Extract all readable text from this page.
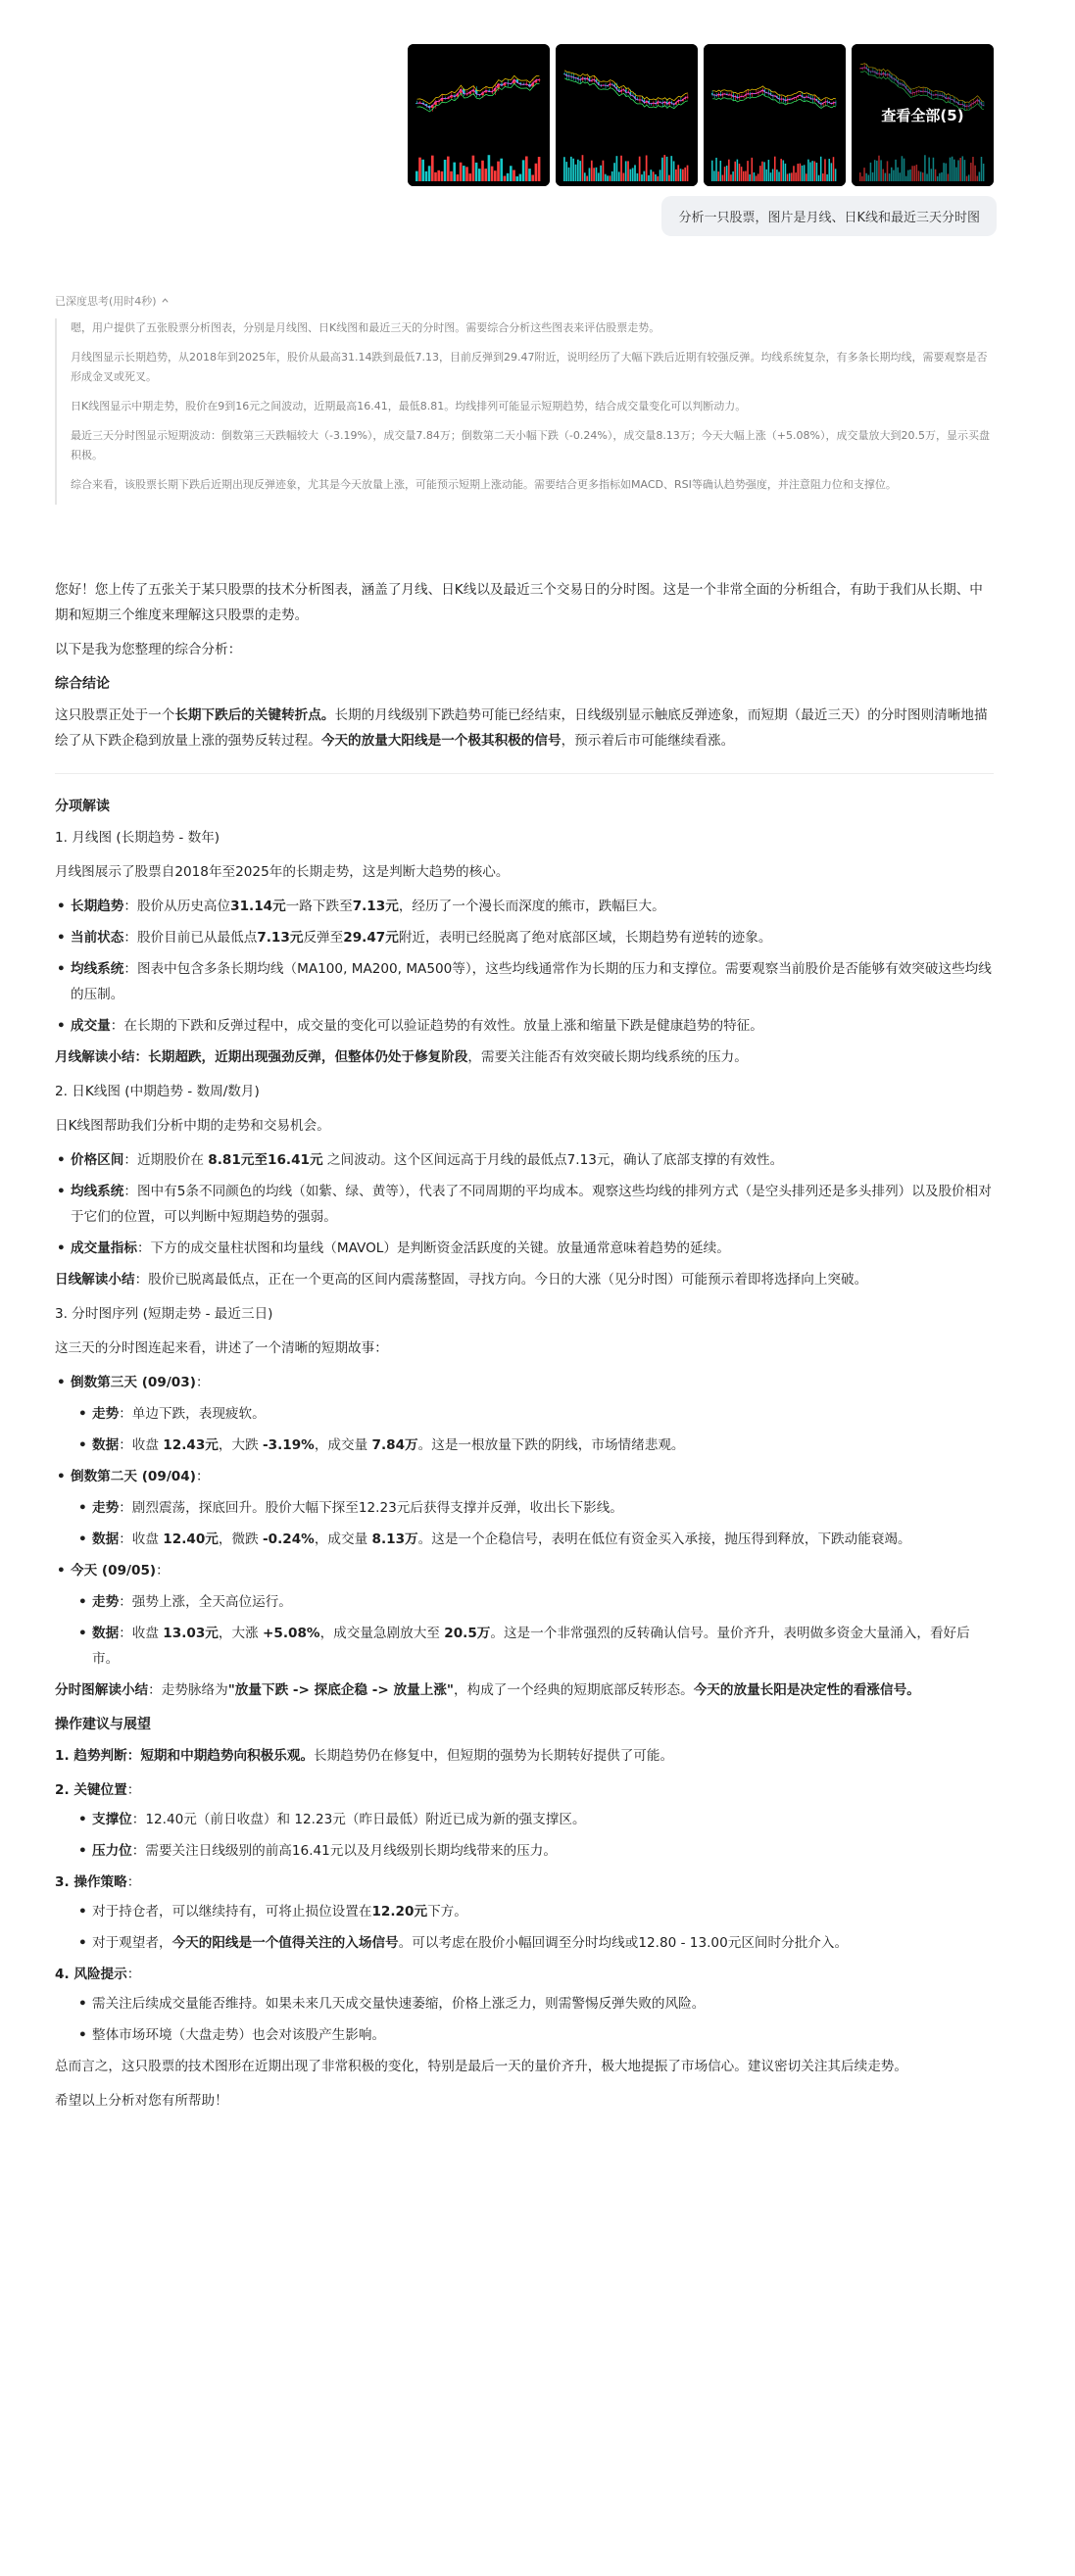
查看全部(5)
分析一只股票，图片是月线、日K线和最近三天分时图
已深度思考(用时4秒)

嗯，用户提供了五张股票分析图表，分别是月线图、日K线图和最近三天的分时图。需要综合分析这些图表来评估股票走势。

月线图显示长期趋势，从2018年到2025年，股价从最高31.14跌到最低7.13，目前反弹到29.47附近，说明经历了大幅下跌后近期有较强反弹。均线系统复杂，有多条长期均线，需要观察是否形成金叉或死叉。

日K线图显示中期走势，股价在9到16元之间波动，近期最高16.41，最低8.81。均线排列可能显示短期趋势，结合成交量变化可以判断动力。

最近三天分时图显示短期波动：倒数第三天跌幅较大（-3.19%），成交量7.84万；倒数第二天小幅下跌（-0.24%），成交量8.13万；今天大幅上涨（+5.08%），成交量放大到20.5万，显示买盘积极。

综合来看，该股票长期下跌后近期出现反弹迹象，尤其是今天放量上涨，可能预示短期上涨动能。需要结合更多指标如MACD、RSI等确认趋势强度，并注意阻力位和支撑位。

您好！您上传了五张关于某只股票的技术分析图表，涵盖了月线、日K线以及最近三个交易日的分时图。这是一个非常全面的分析组合，有助于我们从长期、中期和短期三个维度来理解这只股票的走势。

以下是我为您整理的综合分析：

综合结论

这只股票正处于一个长期下跌后的关键转折点。长期的月线级别下跌趋势可能已经结束，日线级别显示触底反弹迹象，而短期（最近三天）的分时图则清晰地描绘了从下跌企稳到放量上涨的强势反转过程。今天的放量大阳线是一个极其积极的信号，预示着后市可能继续看涨。

分项解读

1. 月线图 (长期趋势 - 数年)

月线图展示了股票自2018年至2025年的长期走势，这是判断大趋势的核心。

• 长期趋势：股价从历史高位31.14元一路下跌至7.13元，经历了一个漫长而深度的熊市，跌幅巨大。
• 当前状态：股价目前已从最低点7.13元反弹至29.47元附近，表明已经脱离了绝对底部区域，长期趋势有逆转的迹象。
• 均线系统：图表中包含多条长期均线（MA100, MA200, MA500等），这些均线通常作为长期的压力和支撑位。需要观察当前股价是否能够有效突破这些均线的压制。
• 成交量：在长期的下跌和反弹过程中，成交量的变化可以验证趋势的有效性。放量上涨和缩量下跌是健康趋势的特征。

月线解读小结：长期超跌，近期出现强劲反弹，但整体仍处于修复阶段，需要关注能否有效突破长期均线系统的压力。

2. 日K线图 (中期趋势 - 数周/数月)

日K线图帮助我们分析中期的走势和交易机会。

• 价格区间：近期股价在 8.81元至16.41元 之间波动。这个区间远高于月线的最低点7.13元，确认了底部支撑的有效性。
• 均线系统：图中有5条不同颜色的均线（如紫、绿、黄等），代表了不同周期的平均成本。观察这些均线的排列方式（是空头排列还是多头排列）以及股价相对于它们的位置，可以判断中短期趋势的强弱。
• 成交量指标：下方的成交量柱状图和均量线（MAVOL）是判断资金活跃度的关键。放量通常意味着趋势的延续。

日线解读小结：股价已脱离最低点，正在一个更高的区间内震荡整固，寻找方向。今日的大涨（见分时图）可能预示着即将选择向上突破。

3. 分时图序列 (短期走势 - 最近三日)

这三天的分时图连起来看，讲述了一个清晰的短期故事：

• 倒数第三天 (09/03)：
• 走势：单边下跌，表现疲软。
• 数据：收盘 12.43元，大跌 -3.19%，成交量 7.84万。这是一根放量下跌的阴线，市场情绪悲观。
• 倒数第二天 (09/04)：
• 走势：剧烈震荡，探底回升。股价大幅下探至12.23元后获得支撑并反弹，收出长下影线。
• 数据：收盘 12.40元，微跌 -0.24%，成交量 8.13万。这是一个企稳信号，表明在低位有资金买入承接，抛压得到释放，下跌动能衰竭。
• 今天 (09/05)：
• 走势：强势上涨，全天高位运行。
• 数据：收盘 13.03元，大涨 +5.08%，成交量急剧放大至 20.5万。这是一个非常强烈的反转确认信号。量价齐升，表明做多资金大量涌入，看好后市。

分时图解读小结：走势脉络为"放量下跌 -> 探底企稳 -> 放量上涨"，构成了一个经典的短期底部反转形态。今天的放量长阳是决定性的看涨信号。

操作建议与展望

1. 趋势判断：短期和中期趋势向积极乐观。长期趋势仍在修复中，但短期的强势为长期转好提供了可能。

2. 关键位置：

• 支撑位：12.40元（前日收盘）和 12.23元（昨日最低）附近已成为新的强支撑区。
• 压力位：需要关注日线级别的前高16.41元以及月线级别长期均线带来的压力。

3. 操作策略：

• 对于持仓者，可以继续持有，可将止损位设置在12.20元下方。
• 对于观望者，今天的阳线是一个值得关注的入场信号。可以考虑在股价小幅回调至分时均线或12.80 - 13.00元区间时分批介入。

4. 风险提示：

• 需关注后续成交量能否维持。如果未来几天成交量快速萎缩，价格上涨乏力，则需警惕反弹失败的风险。
• 整体市场环境（大盘走势）也会对该股产生影响。

总而言之，这只股票的技术图形在近期出现了非常积极的变化，特别是最后一天的量价齐升，极大地提振了市场信心。建议密切关注其后续走势。

希望以上分析对您有所帮助！
